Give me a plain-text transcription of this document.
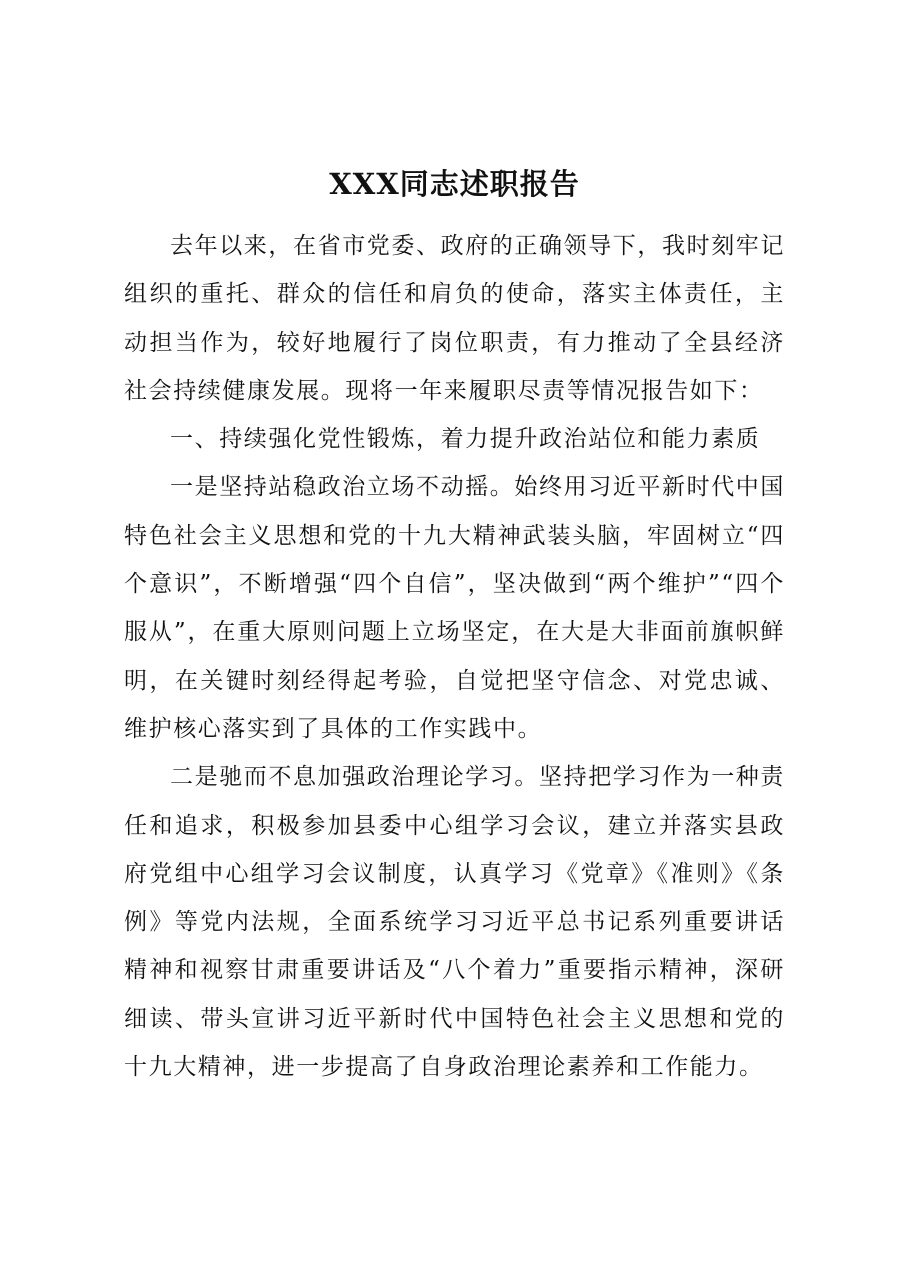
XXX同志述职报告

去年以来，在省市党委、政府的正确领导下，我时刻牢记组织的重托、群众的信任和肩负的使命，落实主体责任，主动担当作为，较好地履行了岗位职责，有力推动了全县经济社会持续健康发展。现将一年来履职尽责等情况报告如下：

一、持续强化党性锻炼，着力提升政治站位和能力素质

一是坚持站稳政治立场不动摇。始终用习近平新时代中国特色社会主义思想和党的十九大精神武装头脑，牢固树立“四个意识”，不断增强“四个自信”，坚决做到“两个维护”“四个服从”，在重大原则问题上立场坚定，在大是大非面前旗帜鲜明，在关键时刻经得起考验，自觉把坚守信念、对党忠诚、维护核心落实到了具体的工作实践中。

二是驰而不息加强政治理论学习。坚持把学习作为一种责任和追求，积极参加县委中心组学习会议，建立并落实县政府党组中心组学习会议制度，认真学习《党章》《准则》《条例》等党内法规，全面系统学习习近平总书记系列重要讲话精神和视察甘肃重要讲话及“八个着力”重要指示精神，深研细读、带头宣讲习近平新时代中国特色社会主义思想和党的十九大精神，进一步提高了自身政治理论素养和工作能力。
